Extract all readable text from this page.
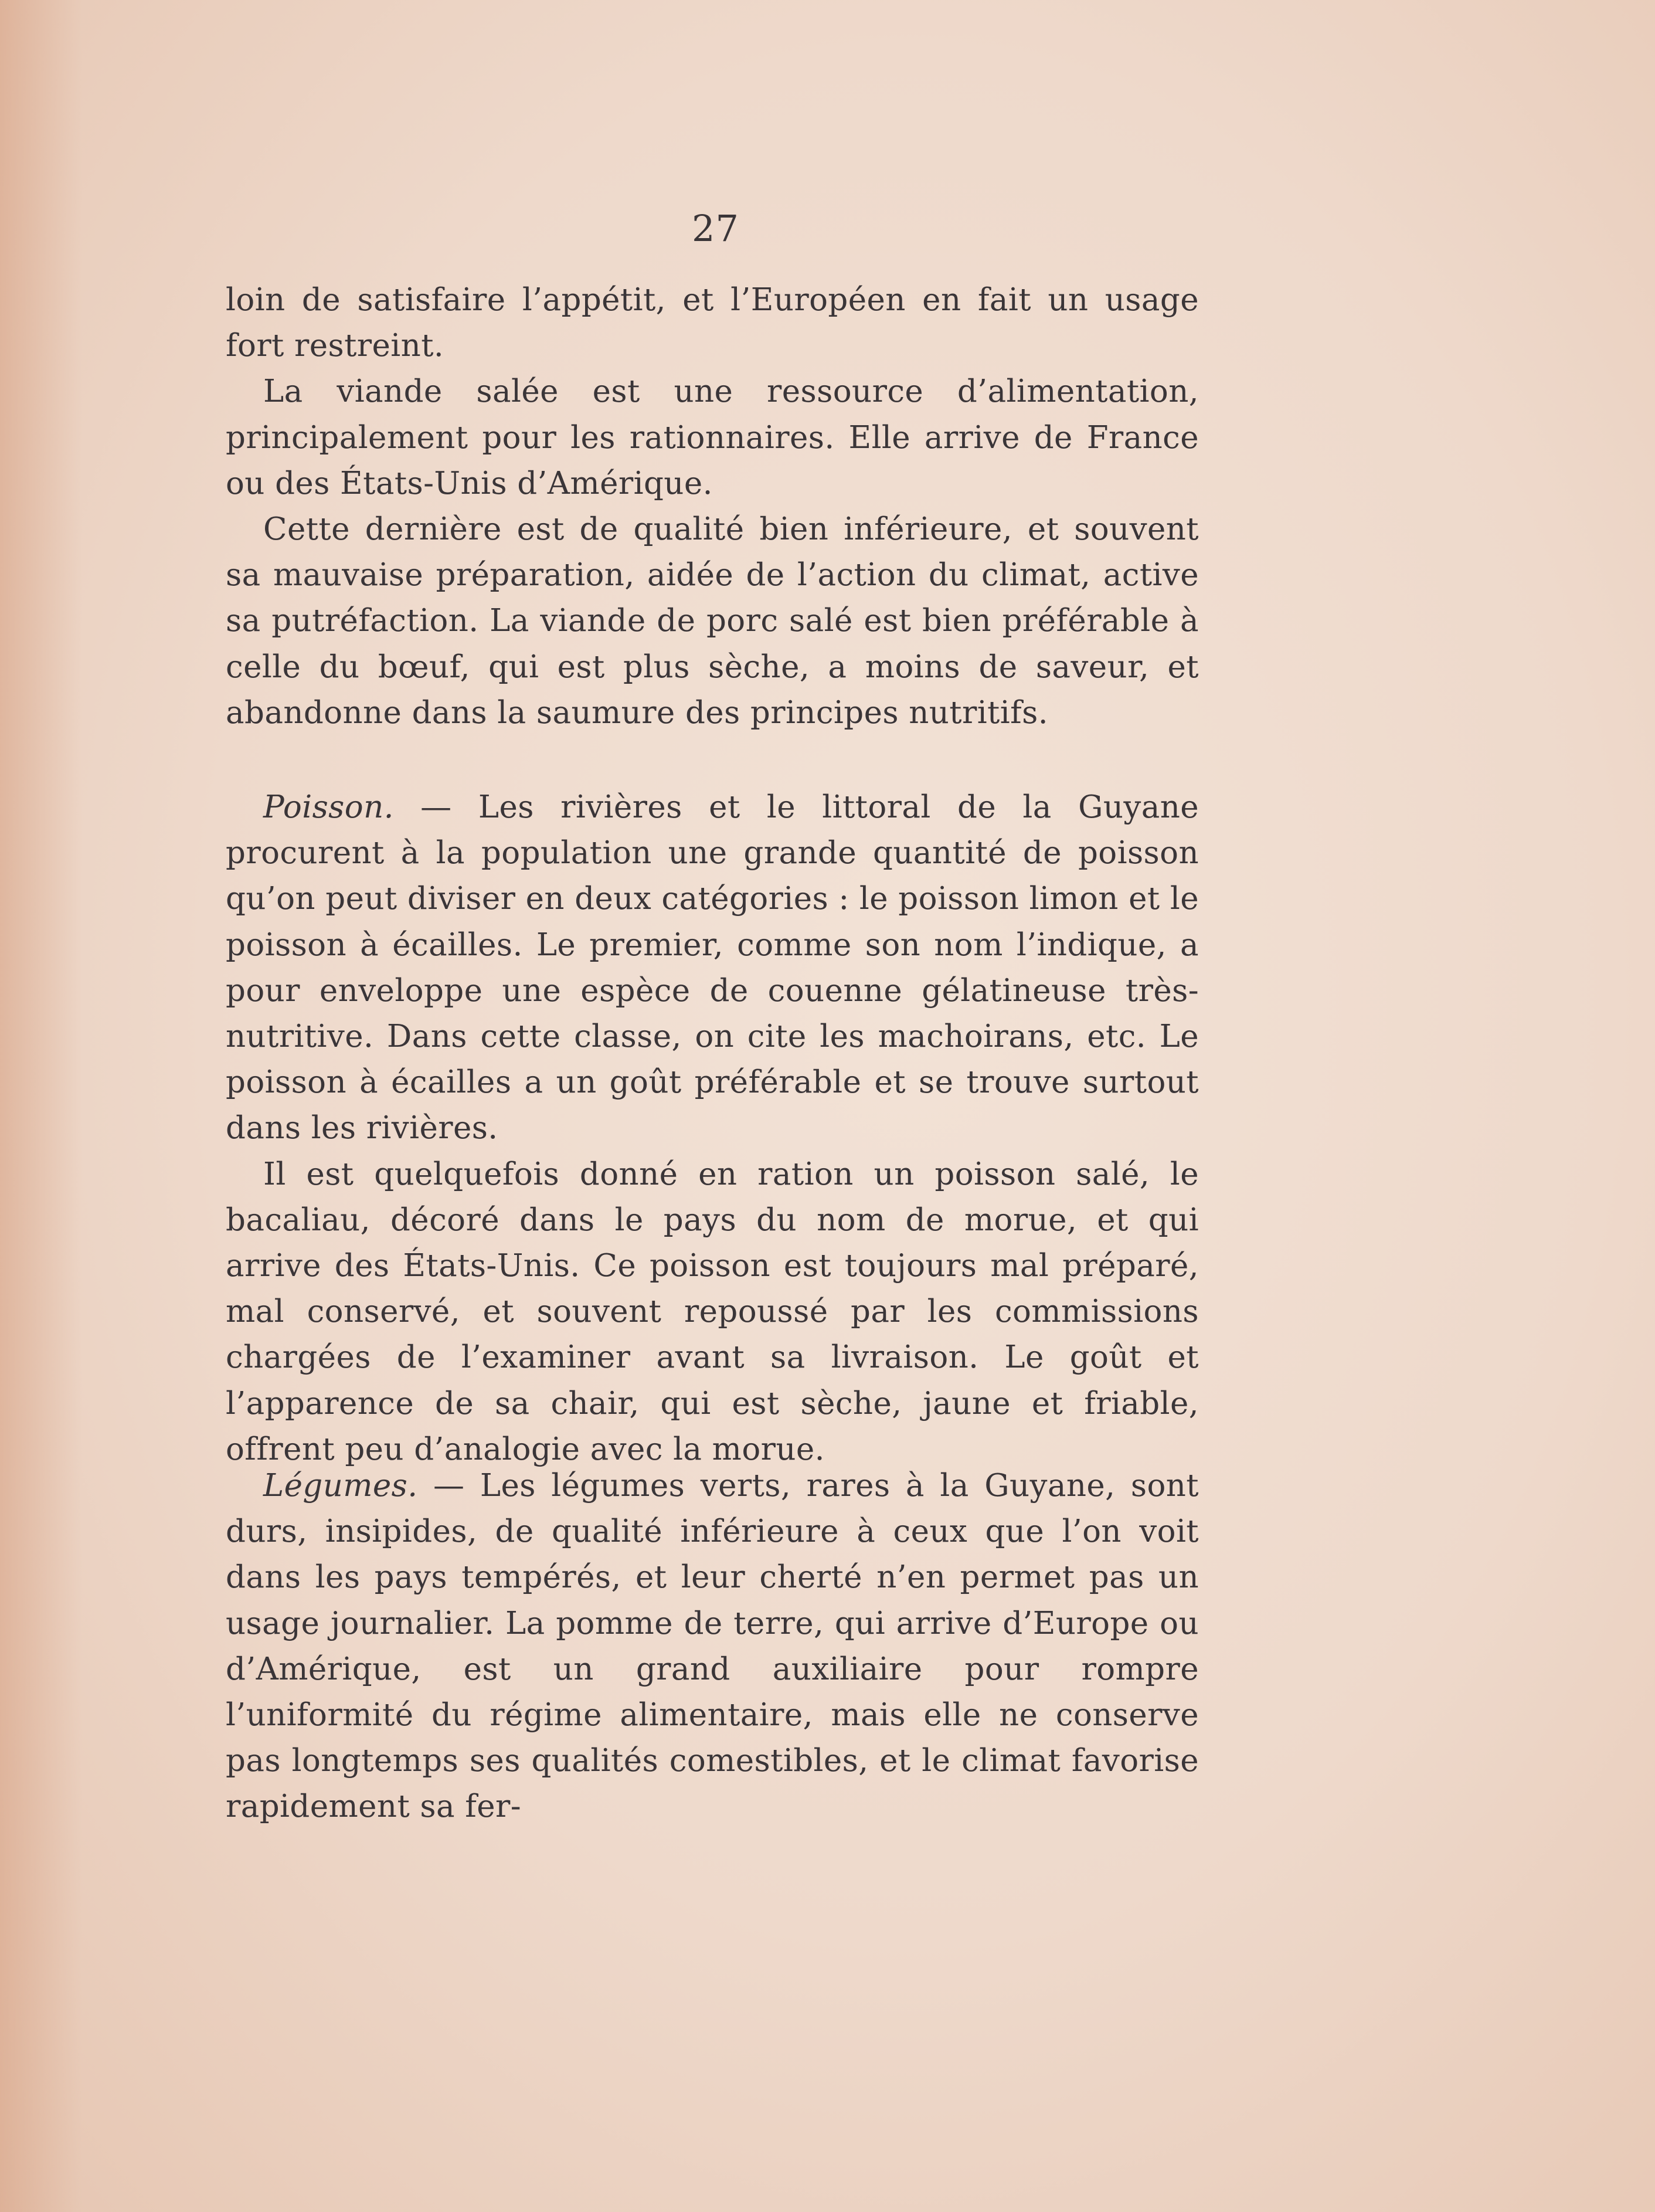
27

loin de satisfaire l’appétit, et l’Européen en fait un usage fort restreint.

La viande salée est une ressource d’alimentation, principalement pour les rationnaires. Elle arrive de France ou des États-Unis d’Amérique.

Cette dernière est de qualité bien inférieure, et souvent sa mauvaise préparation, aidée de l’action du climat, active sa putréfaction. La viande de porc salé est bien préférable à celle du bœuf, qui est plus sèche, a moins de saveur, et abandonne dans la saumure des principes nutritifs.

Poisson. — Les rivières et le littoral de la Guyane procurent à la population une grande quantité de poisson qu’on peut diviser en deux catégories : le poisson limon et le poisson à écailles. Le premier, comme son nom l’indique, a pour enveloppe une espèce de couenne gélatineuse très-nutritive. Dans cette classe, on cite les machoirans, etc. Le poisson à écailles a un goût préférable et se trouve surtout dans les rivières.

Il est quelquefois donné en ration un poisson salé, le bacaliau, décoré dans le pays du nom de morue, et qui arrive des États-Unis. Ce poisson est toujours mal préparé, mal conservé, et souvent repoussé par les commissions chargées de l’examiner avant sa livraison. Le goût et l’apparence de sa chair, qui est sèche, jaune et friable, offrent peu d’analogie avec la morue.

Légumes. — Les légumes verts, rares à la Guyane, sont durs, insipides, de qualité inférieure à ceux que l’on voit dans les pays tempérés, et leur cherté n’en permet pas un usage journalier. La pomme de terre, qui arrive d’Europe ou d’Amérique, est un grand auxiliaire pour rompre l’uniformité du régime alimentaire, mais elle ne conserve pas longtemps ses qualités comestibles, et le climat favorise rapidement sa fer-
